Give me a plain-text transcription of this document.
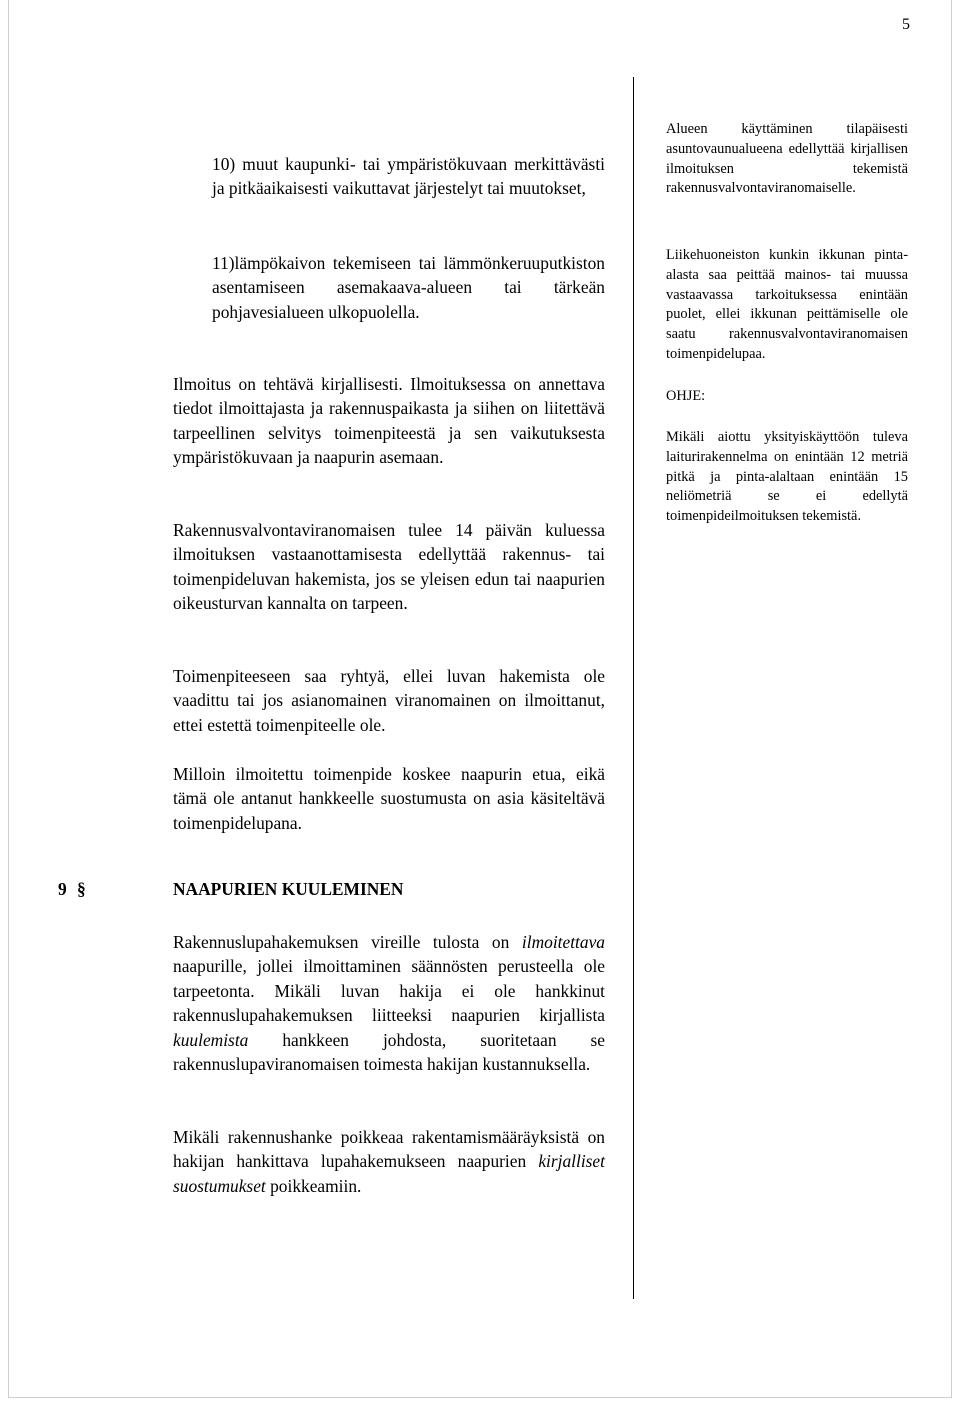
5
10) muut kaupunki- tai ympäristökuvaan merkittävästi ja pitkäaikaisesti vaikuttavat järjestelyt tai muutokset,
11)lämpökaivon tekemiseen tai lämmönkeruuputkiston asentamiseen asemakaava-alueen tai tärkeän pohjavesialueen ulkopuolella.
Ilmoitus on tehtävä kirjallisesti. Ilmoituksessa on annettava tiedot ilmoittajasta ja rakennuspaikasta ja siihen on liitettävä tarpeellinen selvitys toimenpiteestä ja sen vaikutuksesta ympäristökuvaan ja naapurin asemaan.
Rakennusvalvontaviranomaisen tulee 14 päivän kuluessa ilmoituksen vastaanottamisesta edellyttää rakennus- tai toimenpideluvan hakemista, jos se yleisen edun tai naapurien oikeusturvan kannalta on tarpeen.
Toimenpiteeseen saa ryhtyä, ellei luvan hakemista ole vaadittu tai jos asianomainen viranomainen on ilmoittanut, ettei estettä toimenpiteelle ole.
Milloin ilmoitettu toimenpide koskee naapurin etua, eikä tämä ole antanut hankkeelle suostumusta on asia käsiteltävä toimenpidelupana.
9 §	NAAPURIEN KUULEMINEN
Rakennuslupahakemuksen vireille tulosta on ilmoitettava naapurille, jollei ilmoittaminen säännösten perusteella ole tarpeetonta. Mikäli luvan hakija ei ole hankkinut rakennuslupahakemuksen liitteeksi naapurien kirjallista kuulemista hankkeen johdosta, suoritetaan se rakennuslupaviranomaisen toimesta hakijan kustannuksella.
Mikäli rakennushanke poikkeaa rakentamismääräyksistä on hakijan hankittava lupahakemukseen naapurien kirjalliset suostumukset poikkeamiin.
Alueen käyttäminen tilapäisesti asuntovaunualueena edellyttää kirjallisen ilmoituksen tekemistä rakennusvalvontaviranomaiselle.
Liikehuoneiston kunkin ikkunan pinta-alasta saa peittää mainos- tai muussa vastaavassa tarkoituksessa enintään puolet, ellei ikkunan peittämiselle ole saatu rakennusvalvontaviranomaisen toimenpidelupaa.
OHJE:
Mikäli aiottu yksityiskäyttöön tuleva laiturirakennelma on enintään 12 metriä pitkä ja pinta-alaltaan enintään 15 neliömetriä se ei edellytä toimenpideilmoituksen tekemistä.
